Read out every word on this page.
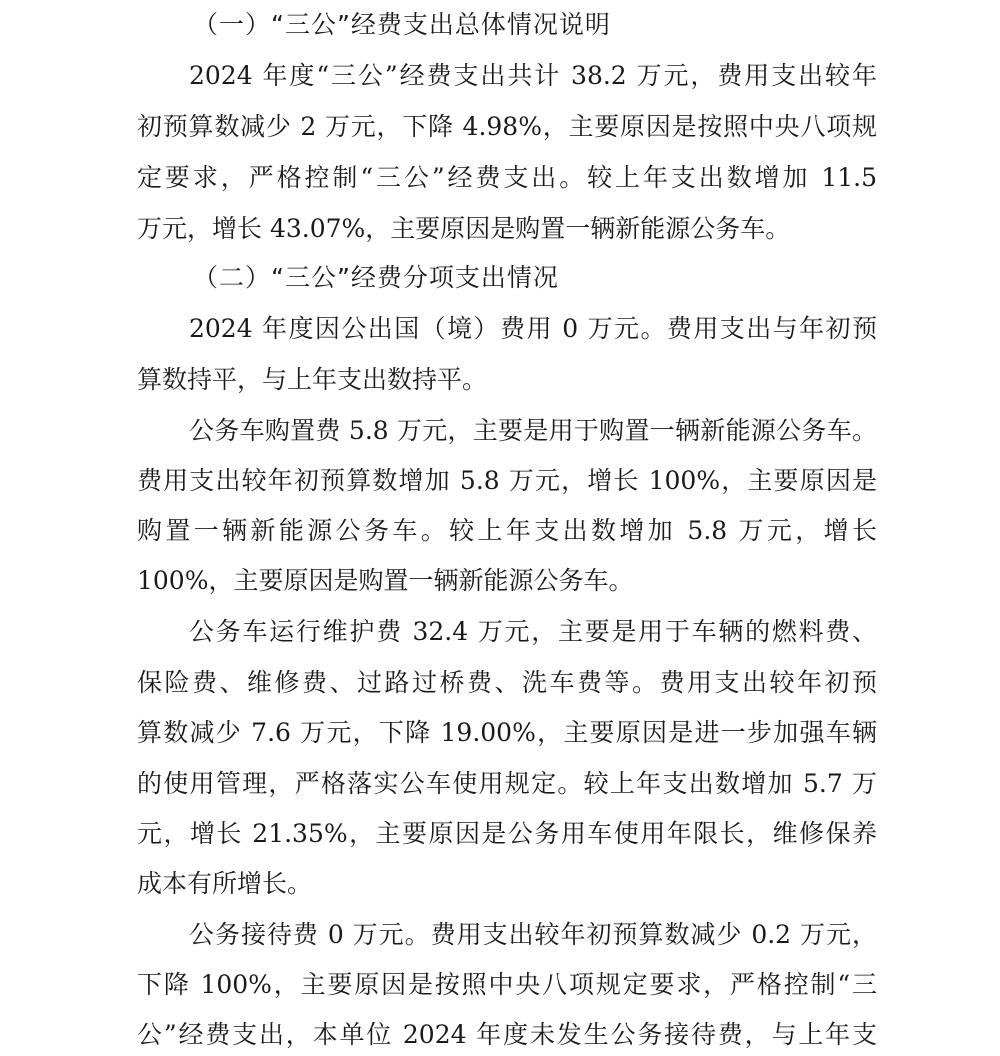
（一）“三公”经费支出总体情况说明
2024 年度“三公”经费支出共计 38.2 万元，费用支出较年
初预算数减少 2 万元，下降 4.98%，主要原因是按照中央八项规
定要求，严格控制“三公”经费支出。较上年支出数增加 11.5
万元，增长 43.07%，主要原因是购置一辆新能源公务车。
（二）“三公”经费分项支出情况
2024 年度因公出国（境）费用 0 万元。费用支出与年初预
算数持平，与上年支出数持平。
公务车购置费 5.8 万元，主要是用于购置一辆新能源公务车。
费用支出较年初预算数增加 5.8 万元，增长 100%，主要原因是
购置一辆新能源公务车。较上年支出数增加 5.8 万元，增长
100%，主要原因是购置一辆新能源公务车。
公务车运行维护费 32.4 万元，主要是用于车辆的燃料费、
保险费、维修费、过路过桥费、洗车费等。费用支出较年初预
算数减少 7.6 万元，下降 19.00%，主要原因是进一步加强车辆
的使用管理，严格落实公车使用规定。较上年支出数增加 5.7 万
元，增长 21.35%，主要原因是公务用车使用年限长，维修保养
成本有所增长。
公务接待费 0 万元。费用支出较年初预算数减少 0.2 万元，
下降 100%，主要原因是按照中央八项规定要求，严格控制“三
公”经费支出，本单位 2024 年度未发生公务接待费，与上年支
